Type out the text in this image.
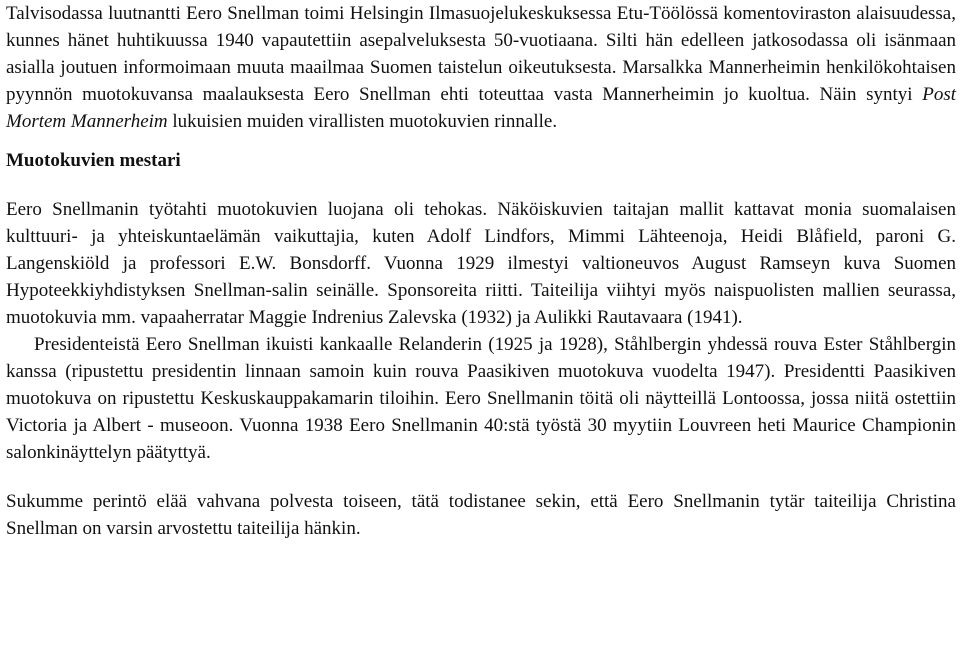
Talvisodassa luutnantti Eero Snellman toimi Helsingin Ilmasuojelukeskuksessa Etu-Töölössä komentoviraston alaisuudessa, kunnes hänet huhtikuussa 1940 vapautettiin asepalveluksesta 50-vuotiaana. Silti hän edelleen jatkosodassa oli isänmaan asialla joutuen informoimaan muuta maailmaa Suomen taistelun oikeutuksesta. Marsalkka Mannerheimin henkilökohtaisen pyynnön muotokuvansa maalauksesta Eero Snellman ehti toteuttaa vasta Mannerheimin jo kuoltua. Näin syntyi Post Mortem Mannerheim lukuisien muiden virallisten muotokuvien rinnalle.

Muotokuvien mestari

Eero Snellmanin työtahti muotokuvien luojana oli tehokas. Näköiskuvien taitajan mallit kattavat monia suomalaisen kulttuuri- ja yhteiskuntaelämän vaikuttajia, kuten Adolf Lindfors, Mimmi Lähteenoja, Heidi Blåfield, paroni G. Langenskiöld ja professori E.W. Bonsdorff. Vuonna 1929 ilmestyi valtioneuvos August Ramseyn kuva Suomen Hypoteekkiyhdistyksen Snellman-salin seinälle. Sponsoreita riitti. Taiteilija viihtyi myös naispuolisten mallien seurassa, muotokuvia mm. vapaaherratar Maggie Indrenius Zalevska (1932) ja Aulikki Rautavaara (1941).

Presidenteistä Eero Snellman ikuisti kankaalle Relanderin (1925 ja 1928), Ståhlbergin yhdessä rouva Ester Ståhlbergin kanssa (ripustettu presidentin linnaan samoin kuin rouva Paasikiven muotokuva vuodelta 1947). Presidentti Paasikiven muotokuva on ripustettu Keskuskauppakamarin tiloihin. Eero Snellmanin töitä oli näytteillä Lontoossa, jossa niitä ostettiin Victoria ja Albert - museoon. Vuonna 1938 Eero Snellmanin 40:stä työstä 30 myytiin Louvreen heti Maurice Championin salonkinäyttelyn päätyttyä.

Sukumme perintö elää vahvana polvesta toiseen, tätä todistanee sekin, että Eero Snellmanin tytär taiteilija Christina Snellman on varsin arvostettu taiteilija hänkin.
